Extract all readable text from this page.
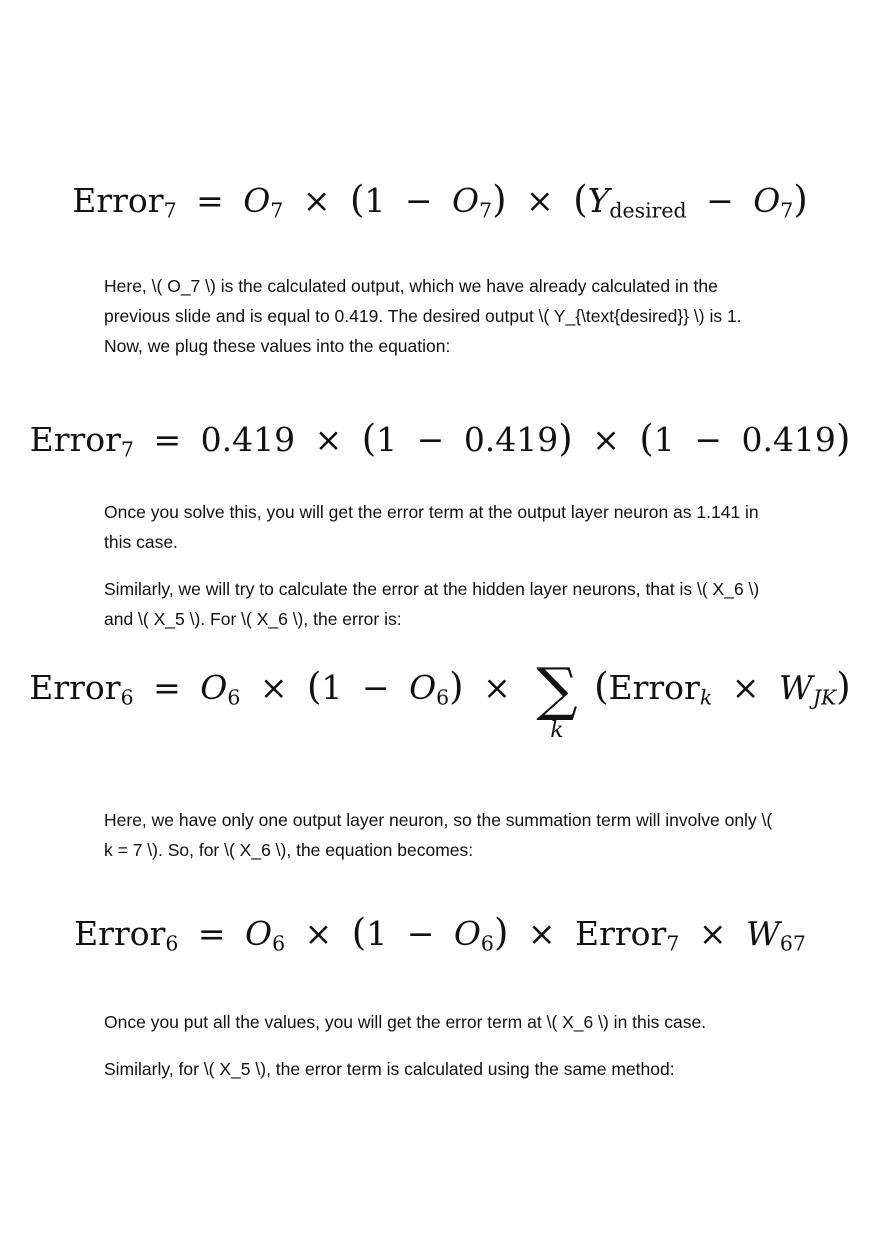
Error$_7$ = $O_7 \times (1 - O_7) \times (Y_{desired} - O_7)$

Here, \( O_7 \) is the calculated output, which we have already calculated in the previous slide and is equal to 0.419. The desired output \( Y_{\text{desired}} \) is 1. Now, we plug these values into the equation:

Error$_7$ = 0.419 × (1 − 0.419) × (1 − 0.419)

Once you solve this, you will get the error term at the output layer neuron as 1.141 in this case.

Similarly, we will try to calculate the error at the hidden layer neurons, that is \( X_6 \) and \( X_5 \). For \( X_6 \), the error is:

Error$_6$ = $O_6 \times (1 - O_6)$ × ∑
k
(Error$_k$ × $W_{JK}$)

Here, we have only one output layer neuron, so the summation term will involve only \( k = 7 \). So, for \( X_6 \), the equation becomes:

Error$_6$ = $O_6 \times (1 - O_6)$ × Error$_7$ × $W_{67}$

Once you put all the values, you will get the error term at \( X_6 \) in this case.

Similarly, for \( X_5 \), the error term is calculated using the same method:
